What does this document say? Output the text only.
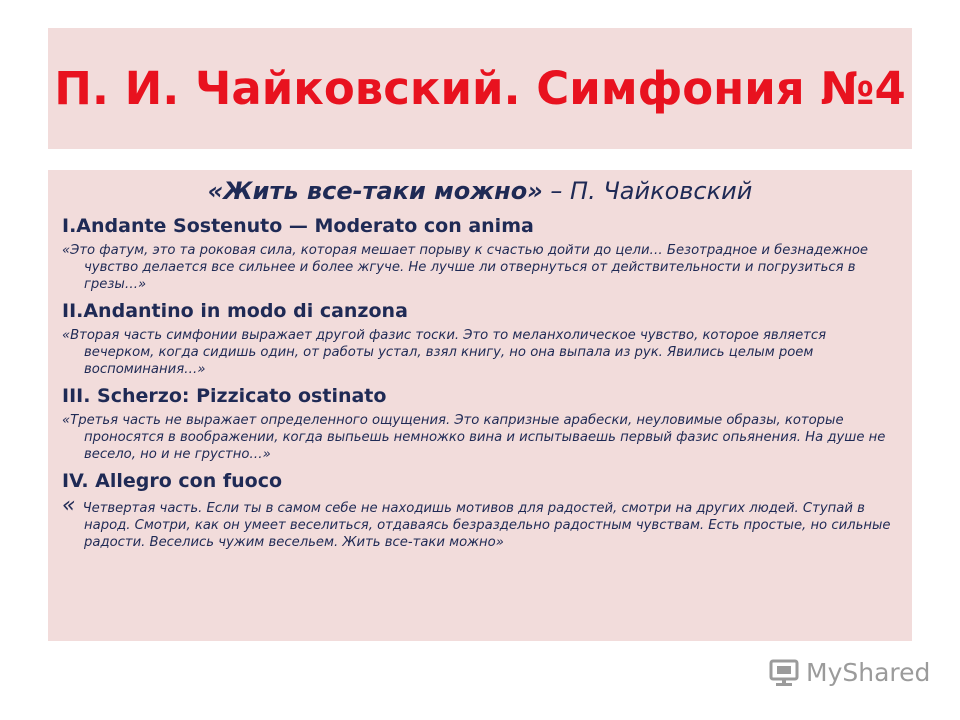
П. И. Чайковский. Симфония №4

«Жить все-таки можно» – П. Чайковский

I.Andante Sostenuto — Moderato con anima

«Это фатум, это та роковая сила, которая мешает порыву к счастью дойти до цели… Безотрадное и безнадежное чувство делается все сильнее и более жгуче. Не лучше ли отвернуться от действительности и погрузиться в грезы…»

II.Andantino in modo di canzona

«Вторая часть симфонии выражает другой фазис тоски. Это то меланхолическое чувство, которое является вечерком, когда сидишь один, от работы устал, взял книгу, но она выпала из рук. Явились целым роем воспоминания…»

III. Scherzo: Pizzicato ostinato

«Третья часть не выражает определенного ощущения. Это капризные арабески, неуловимые образы, которые проносятся в воображении, когда выпьешь немножко вина и испытываешь первый фазис опьянения. На душе не весело, но и не грустно…»

IV. Allegro con fuoco

« Четвертая часть. Если ты в самом себе не находишь мотивов для радостей, смотри на других людей. Ступай в народ. Смотри, как он умеет веселиться, отдаваясь безраздельно радостным чувствам. Есть простые, но сильные радости. Веселись чужим весельем. Жить все-таки можно»

MyShared
